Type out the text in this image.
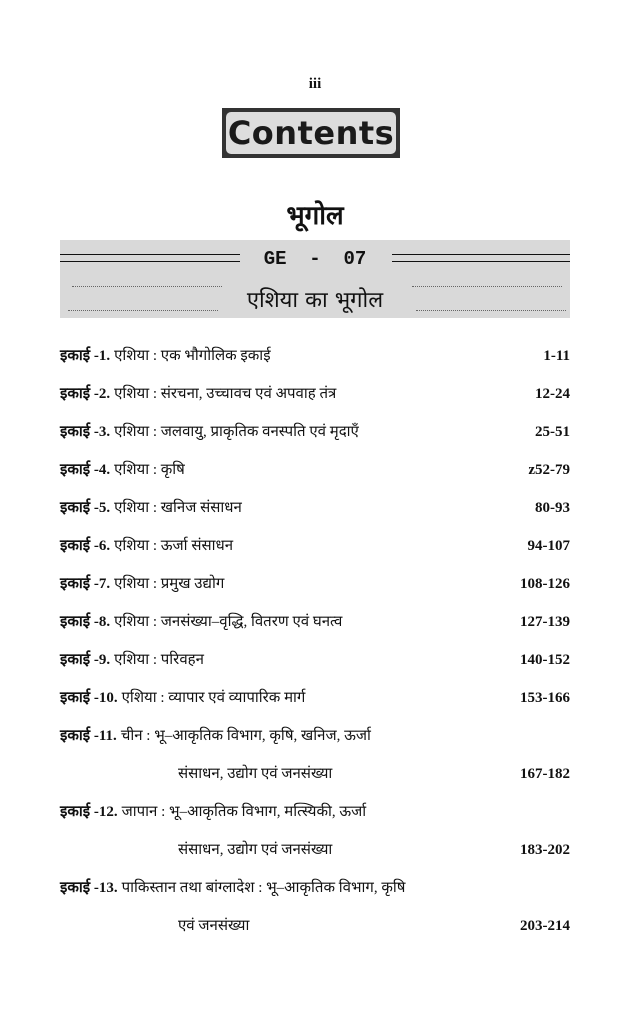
iii
Contents
भूगोल
GE  -  07
एशिया का भूगोल
इकाई -1. एशिया : एक भौगोलिक इकाई	1-11
इकाई -2. एशिया : संरचना, उच्चावच एवं अपवाह तंत्र	12-24
इकाई -3. एशिया : जलवायु, प्राकृतिक वनस्पति एवं मृदाएँ	25-51
इकाई -4. एशिया : कृषि	z52-79
इकाई -5. एशिया : खनिज संसाधन	80-93
इकाई -6. एशिया : ऊर्जा संसाधन	94-107
इकाई -7. एशिया : प्रमुख उद्योग	108-126
इकाई -8. एशिया : जनसंख्या–वृद्धि, वितरण एवं घनत्व	127-139
इकाई -9. एशिया : परिवहन	140-152
इकाई -10. एशिया : व्यापार एवं व्यापारिक मार्ग	153-166
इकाई -11. चीन : भू–आकृतिक विभाग, कृषि, खनिज, ऊर्जा
संसाधन, उद्योग एवं जनसंख्या	167-182
इकाई -12. जापान : भू–आकृतिक विभाग, मत्स्यिकी, ऊर्जा
संसाधन, उद्योग एवं जनसंख्या	183-202
इकाई -13. पाकिस्तान तथा बांग्लादेश : भू–आकृतिक विभाग, कृषि
एवं जनसंख्या	203-214
